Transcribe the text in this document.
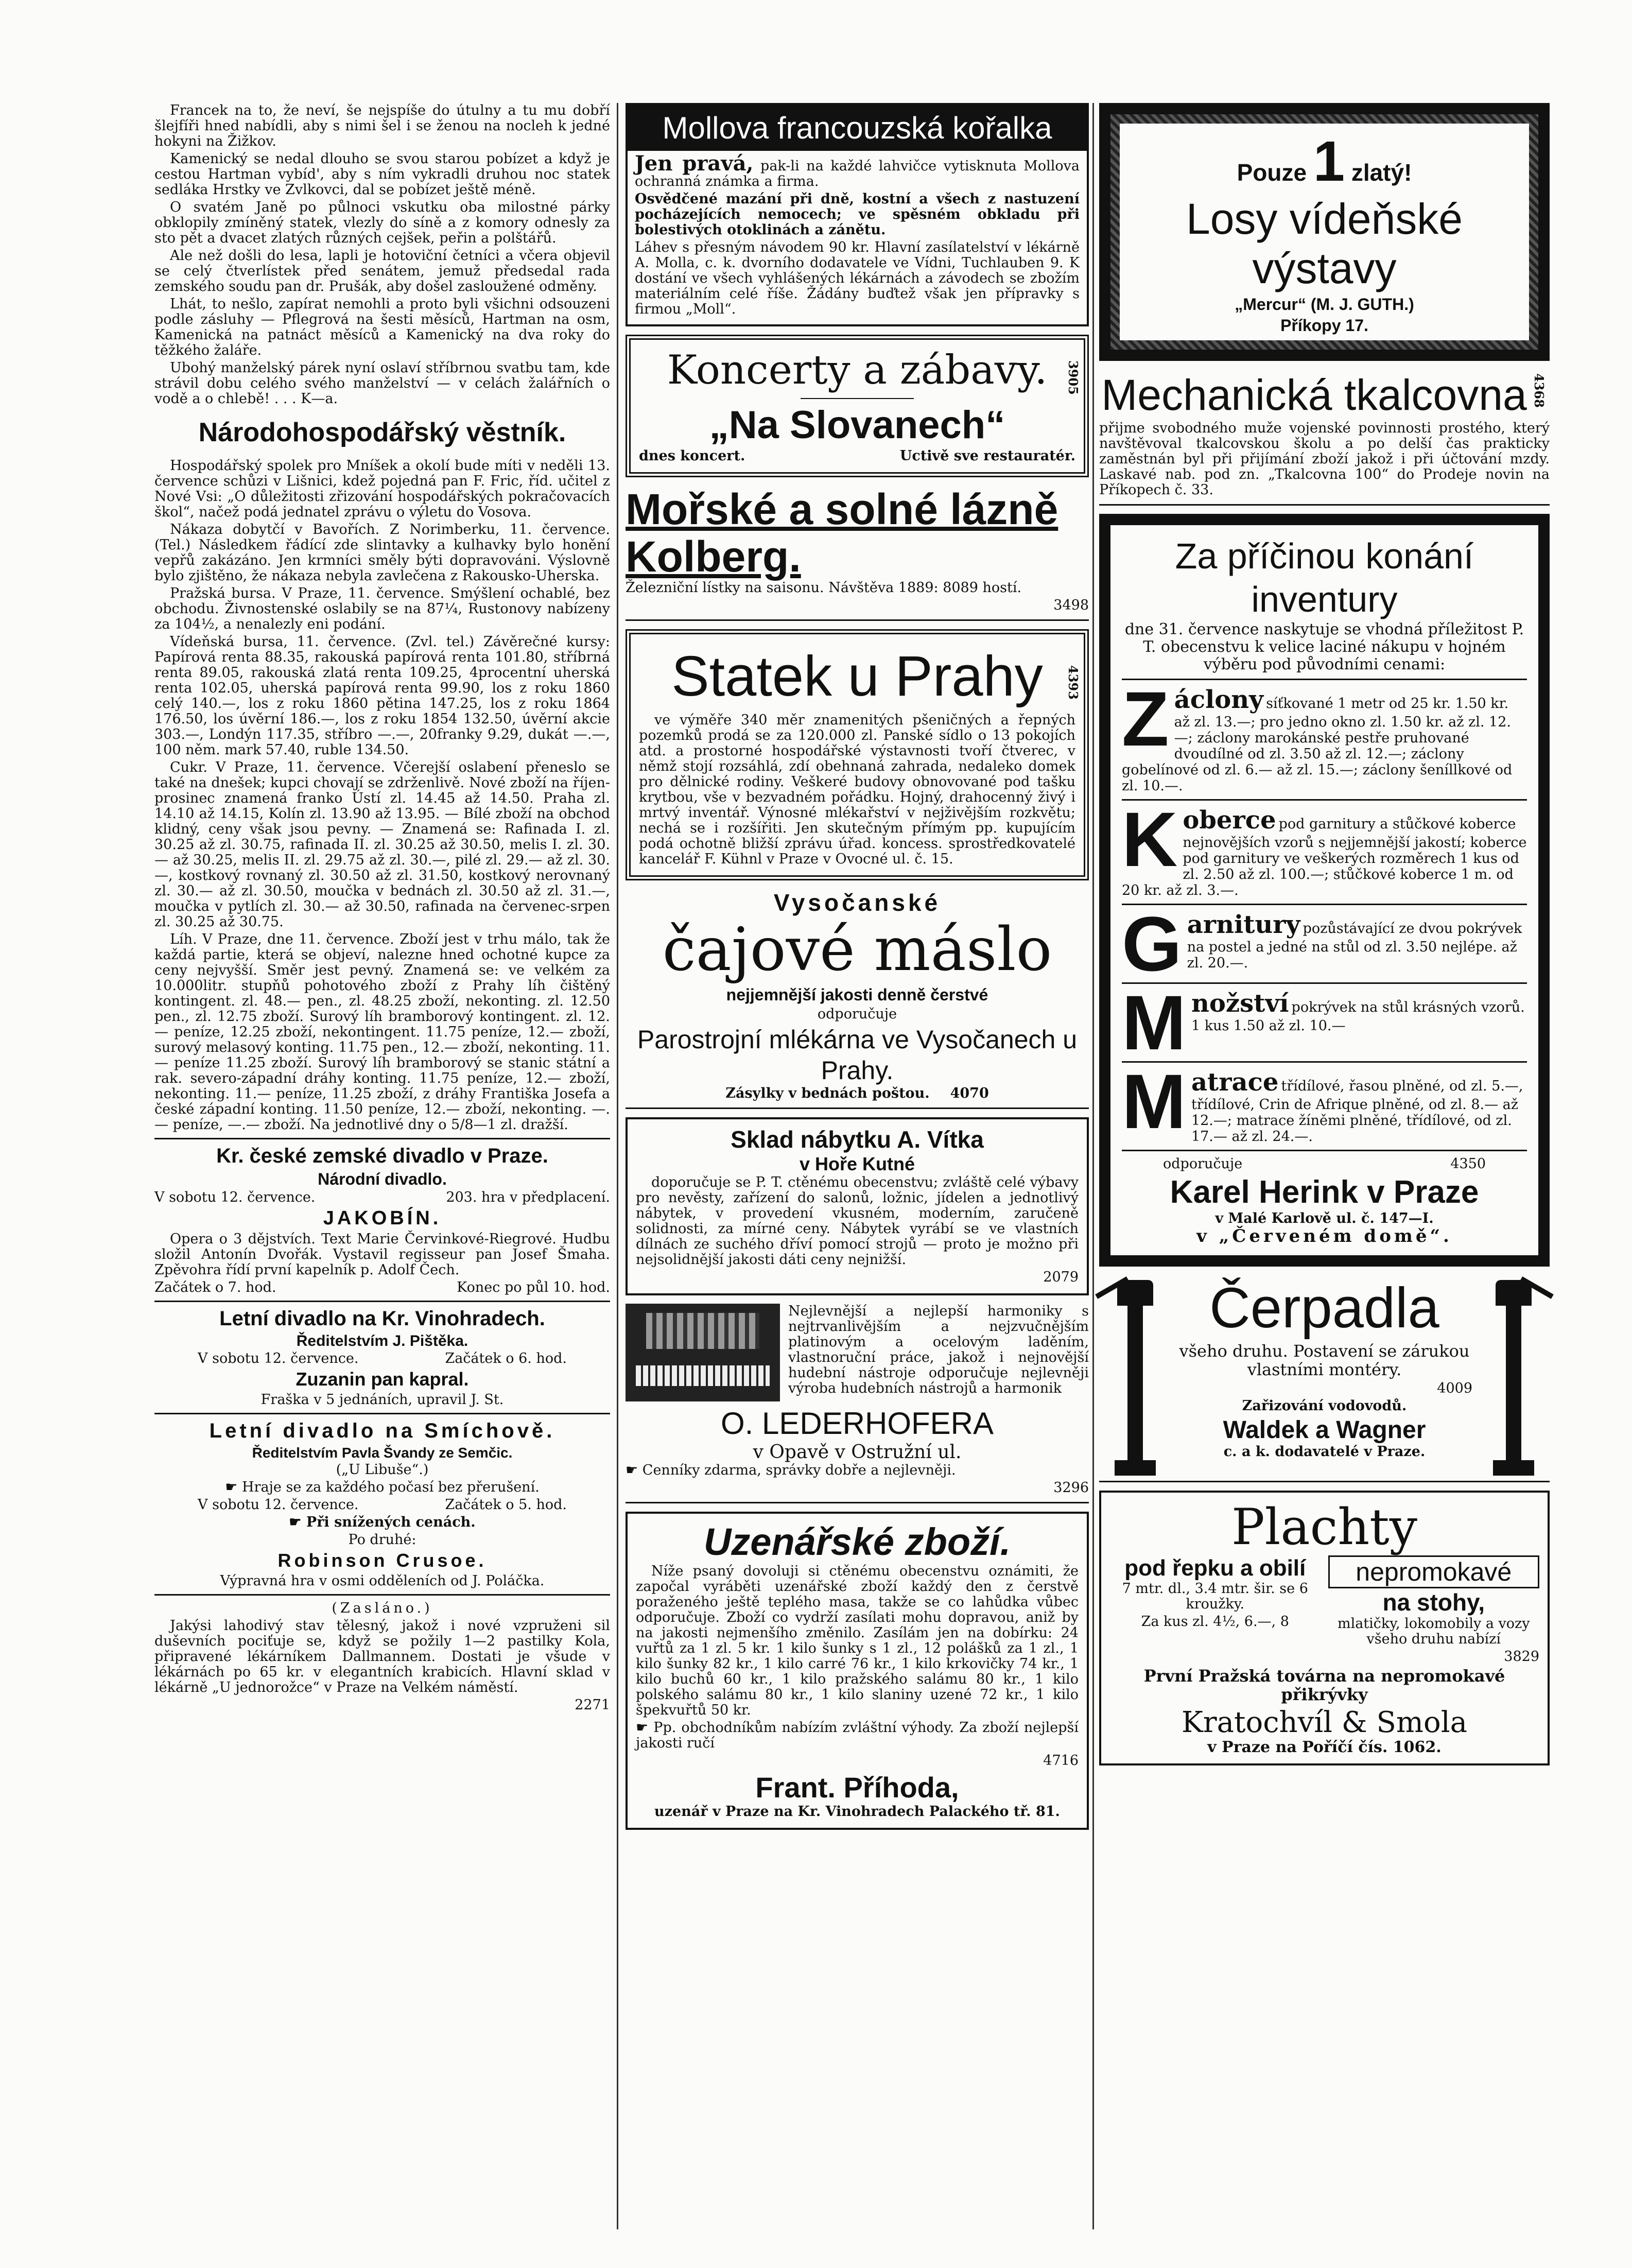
Francek na to, že neví, še nejspíše do útulny a tu mu dobří šlejfíři hned nabídli, aby s nimi šel i se ženou na nocleh k jedné hokyni na Žižkov.

Kamenický se nedal dlouho se svou starou pobízet a když je cestou Hartman vybíd', aby s ním vykradli druhou noc statek sedláka Hrstky ve Zvlkovci, dal se pobízet ještě méně.

O svatém Janě po půlnoci vskutku oba milostné párky obklopily zmíněný statek, vlezly do síně a z komory odnesly za sto pět a dvacet zlatých různých cejšek, peřin a polštářů.

Ale než došli do lesa, lapli je hotoviční četníci a včera objevil se celý čtverlístek před senátem, jemuž předsedal rada zemského soudu pan dr. Prušák, aby došel zasloužené odměny.

Lhát, to nešlo, zapírat nemohli a proto byli všichni odsouzeni podle zásluhy — Pflegrová na šesti měsíců, Hartman na osm, Kamenická na patnáct měsíců a Kamenický na dva roky do těžkého žaláře.

Ubohý manželský párek nyní oslaví stříbrnou svatbu tam, kde strávil dobu celého svého manželství — v celách žalářních o vodě a o chlebě! . . . K—a.

Národohospodářský věstník.

Hospodářský spolek pro Mníšek a okolí bude míti v neděli 13. července schůzi v Lišnici, kdež pojedná pan F. Fric, říd. učitel z Nové Vsi: „O důležitosti zřizování hospodářských pokračovacích škol“, načež podá jednatel zprávu o výletu do Vosova.

Nákaza dobytčí v Bavořích. Z Norimberku, 11. července. (Tel.) Následkem řádící zde slintavky a kulhavky bylo honění vepřů zakázáno. Jen krmníci směly býti dopravováni. Výslovně bylo zjištěno, že nákaza nebyla zavlečena z Rakousko-Uherska.

Pražská bursa. V Praze, 11. července. Smýšlení ochablé, bez obchodu. Živnostenské oslabily se na 87¼, Rustonovy nabízeny za 104½, a nenalezly eni podání.

Vídeňská bursa, 11. července. (Zvl. tel.) Závěrečné kursy: Papírová renta 88.35, rakouská papírová renta 101.80, stříbrná renta 89.05, rakouská zlatá renta 109.25, 4procentní uherská renta 102.05, uherská papírová renta 99.90, los z roku 1860 celý 140.—, los z roku 1860 pětina 147.25, los z roku 1864 176.50, los úvěrní 186.—, los z roku 1854 132.50, úvěrní akcie 303.—, Londýn 117.35, stříbro —.—, 20franky 9.29, dukát —.—, 100 něm. mark 57.40, ruble 134.50.

Cukr. V Praze, 11. července. Včerejší oslabení přeneslo se také na dnešek; kupci chovají se zdrženlivě. Nové zboží na říjen-prosinec znamená franko Ústí zl. 14.45 až 14.50. Praha zl. 14.10 až 14.15, Kolín zl. 13.90 až 13.95. — Bílé zboží na obchod klidný, ceny však jsou pevny. — Znamená se: Rafinada I. zl. 30.25 až zl. 30.75, rafinada II. zl. 30.25 až 30.50, melis I. zl. 30.— až 30.25, melis II. zl. 29.75 až zl. 30.—, pilé zl. 29.— až zl. 30.—, kostkový rovnaný zl. 30.50 až zl. 31.50, kostkový nerovnaný zl. 30.— až zl. 30.50, moučka v bednách zl. 30.50 až zl. 31.—, moučka v pytlích zl. 30.— až 30.50, rafinada na červenec-srpen zl. 30.25 až 30.75.

Líh. V Praze, dne 11. července. Zboží jest v trhu málo, tak že každá partie, která se objeví, nalezne hned ochotné kupce za ceny nejvyšší. Směr jest pevný. Znamená se: ve velkém za 10.000litr. stupňů pohotového zboží z Prahy líh čištěný kontingent. zl. 48.— pen., zl. 48.25 zboží, nekonting. zl. 12.50 pen., zl. 12.75 zboží. Surový líh bramborový kontingent. zl. 12.— peníze, 12.25 zboží, nekontingent. 11.75 peníze, 12.— zboží, surový melasový konting. 11.75 pen., 12.— zboží, nekonting. 11.— peníze 11.25 zboží. Surový líh bramborový se stanic státní a rak. severo-západní dráhy konting. 11.75 peníze, 12.— zboží, nekonting. 11.— peníze, 11.25 zboží, z dráhy Františka Josefa a české západní konting. 11.50 peníze, 12.— zboží, nekonting. —.— peníze, —.— zboží. Na jednotlivé dny o 5/8—1 zl. dražší.

Kr. české zemské divadlo v Praze.
Národní divadlo.

V sobotu 12. července.	203. hra v předplacení.

JAKOBÍN.

Opera o 3 dějstvích. Text Marie Červinkové-Riegrové. Hudbu složil Antonín Dvořák. Vystavil regisseur pan Josef Šmaha. Zpěvohra řídí první kapelník p. Adolf Čech.

Začátek o 7. hod.	Konec po půl 10. hod.

Letní divadlo na Kr. Vinohradech.
Ředitelstvím J. Pištěka.

V sobotu 12. července.	Začátek o 6. hod.

Zuzanin pan kapral.

Fraška v 5 jednáních, upravil J. St.

Letní divadlo na Smíchově.
Ředitelstvím Pavla Švandy ze Semčic.

(„U Libuše“.)

☛ Hraje se za každého počasí bez přerušení.

V sobotu 12. července.	Začátek o 5. hod.

☛ Při snížených cenách.

Po druhé:

Robinson Crusoe.

Výpravná hra v osmi odděleních od J. Poláčka.

(Zasláno.)

Jakýsi lahodivý stav tělesný, jakož i nové vzpruženi sil duševních pociťuje se, když se požily 1—2 pastilky Kola, připravené lékárníkem Dallmannem. Dostati je všude v lékárnách po 65 kr. v elegantních krabicích. Hlavní sklad v lékárně „U jednorožce“ v Praze na Velkém náměstí.

2271

Mollova francouzská kořalka

Jen pravá, pak-li na každé lahvičce vytisknuta Mollova ochranná známka a firma.

Osvědčené mazání při dně, kostní a všech z nastuzení pocházejících nemocech; ve spěsném obkladu při bolestivých otoklinách a zánětu.

Láhev s přesným návodem 90 kr. Hlavní zasílatelství v lékárně A. Molla, c. k. dvorního dodavatele ve Vídni, Tuchlauben 9. K dostání ve všech vyhlášených lékárnách a závodech se zbožím materiálním celé říše. Žádány buďtež však jen přípravky s firmou „Moll“.

Koncerty a zábavy.
„Na Slovanech“

dnes koncert.	Uctivě sve restauratér.

3905
Mořské a solné lázně Kolberg.

Železniční lístky na saisonu. Návštěva 1889: 8089 hostí.

3498

Statek u Prahy	4393

ve výměře 340 měr znamenitých pšeničných a řepných pozemků prodá se za 120.000 zl. Panské sídlo o 13 pokojích atd. a prostorné hospodářské výstavnosti tvoří čtverec, v němž stojí rozsáhlá, zdí obehnaná zahrada, nedaleko domek pro dělnické rodiny. Veškeré budovy obnovované pod tašku krytbou, vše v bezvadném pořádku. Hojný, drahocenný živý i mrtvý inventář. Výnosné mlékařství v nejživějším rozkvětu; nechá se i rozšířiti. Jen skutečným přímým pp. kupujícím podá ochotně bližší zprávu úřad. koncess. sprostředkovatelé kancelář F. Kühnl v Praze v Ovocné ul. č. 15.

Vysočanské
čajové máslo
nejjemnější jakosti denně čerstvé

odporučuje

Parostrojní mlékárna ve Vysočanech u Prahy.

Zásylky v bednách poštou. 4070

Sklad nábytku A. Vítka
v Hoře Kutné

doporučuje se P. T. ctěnému obecenstvu; zvláště celé výbavy pro nevěsty, zařízení do salonů, ložnic, jídelen a jednotlivý nábytek, v provedení vkusném, moderním, zaručeně solidnosti, za mírné ceny. Nábytek vyrábí se ve vlastních dílnách ze suchého dříví pomocí strojů — proto je možno při nejsolidnější jakosti dáti ceny nejnižší.

2079

Nejlevnější a nejlepší harmoniky s nejtrvanlivějším a nejzvučnějším platinovým a ocelovým laděním, vlastnoruční práce, jakož i nejnovější hudební nástroje odporučuje nejlevněji výroba hudebních nástrojů a harmonik

O. LEDERHOFERA
v Opavě v Ostružní ul.

☛ Cenníky zdarma, správky dobře a nejlevněji.

3296

Uzenářské zboží.

Níže psaný dovoluji si ctěnému obecenstvu oznámiti, že započal vyráběti uzenářské zboží každý den z čerstvě poraženého ještě teplého masa, takže se co lahůdka vůbec odporučuje. Zboží co vydrží zasílati mohu dopravou, aniž by na jakosti nejmenšího změnilo. Zasílám jen na dobírku: 24 vuřtů za 1 zl. 5 kr. 1 kilo šunky s 1 zl., 12 polášků za 1 zl., 1 kilo šunky 82 kr., 1 kilo carré 76 kr., 1 kilo krkovičky 74 kr., 1 kilo buchů 60 kr., 1 kilo pražského salámu 80 kr., 1 kilo polského salámu 80 kr., 1 kilo slaniny uzené 72 kr., 1 kilo špekvuřtů 50 kr.

☛ Pp. obchodníkům nabízím zvláštní výhody. Za zboží nejlepší jakosti ručí

4716

Frant. Příhoda,

uzenář v Praze na Kr. Vinohradech Palackého tř. 81.

Pouze 1 zlatý!
Losy vídeňské výstavy
„Mercur“ (M. J. GUTH.)
Příkopy 17.
Mechanická tkalcovna 4368

přijme svobodného muže vojenské povinnosti prostého, který navštěvoval tkalcovskou školu a po delší čas prakticky zaměstnán byl při přijímání zboží jakož i při účtování mzdy. Laskavé nab. pod zn. „Tkalcovna 100“ do Prodeje novin na Příkopech č. 33.

Za příčinou konání inventury

dne 31. července naskytuje se vhodná příležitost P. T. obecenstvu k velice laciné nákupu v hojném výběru pod původními cenami:

Záclony síťkované 1 metr od 25 kr. 1.50 kr. až zl. 13.—; pro jedno okno zl. 1.50 kr. až zl. 12.—; záclony marokánské pestře pruhované dvoudílné od zl. 3.50 až zl. 12.—; záclony gobelínové od zl. 6.— až zl. 15.—; záclony šeníllkové od zl. 10.—.
Koberce pod garnitury a stůčkové koberce nejnovějších vzorů s nejjemnější jakostí; koberce pod garnitury ve veškerých rozměrech 1 kus od zl. 2.50 až zl. 100.—; stůčkové koberce 1 m. od 20 kr. až zl. 3.—.
Garnitury pozůstávající ze dvou pokrývek na postel a jedné na stůl od zl. 3.50 nejlépe. až zl. 20.—.
Množství pokrývek na stůl krásných vzorů. 1 kus 1.50 až zl. 10.—
Matrace třídílové, řasou plněné, od zl. 5.—, třídílové, Crin de Afrique plněné, od zl. 8.— až 12.—; matrace žíněmi plněné, třídílové, od zl. 17.— až zl. 24.—.

odporučuje	4350

Karel Herink v Praze

v Malé Karlově ul. č. 147—I.

v „Červeném domě“.

Čerpadla

všeho druhu. Postavení se zárukou vlastními montéry.

4009

Zařizování vodovodů.

Waldek a Wagner

c. a k. dodavatelé v Praze.

Plachty
pod řepku a obilí

7 mtr. dl., 3.4 mtr. šir. se 6 kroužky.

Za kus zl. 4½, 6.—, 8

nepromokavé
na stohy,

mlatičky, lokomobily a vozy všeho druhu nabízí

3829

První Pražská továrna na nepromokavé přikrývky

Kratochvíl & Smola

v Praze na Poříčí čís. 1062.
